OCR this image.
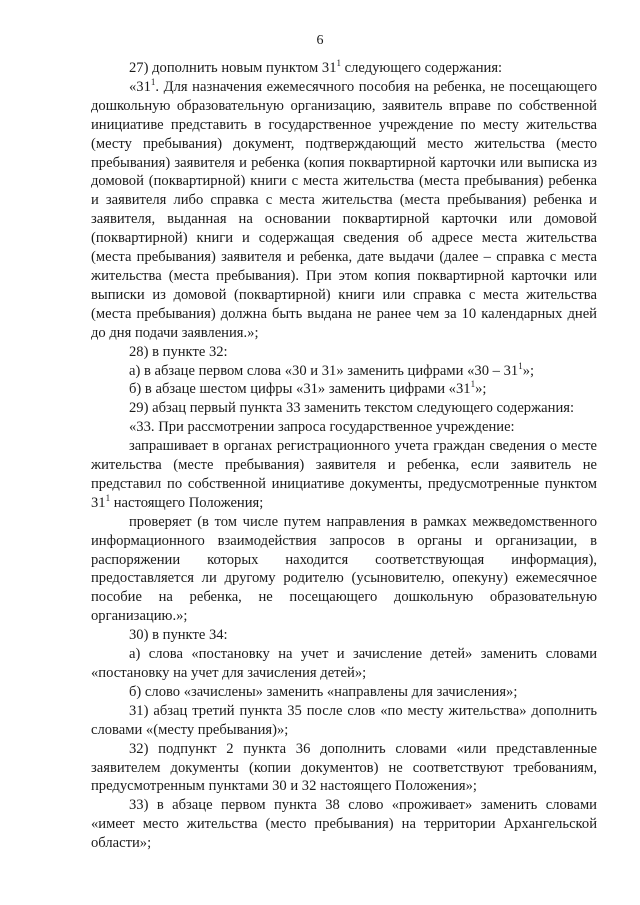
6

27) дополнить новым пунктом $31^1$ следующего содержания:

«$31^1$. Для назначения ежемесячного пособия на ребенка, не посещающего дошкольную образовательную организацию, заявитель вправе по собственной инициативе представить в государственное учреждение по месту жительства (месту пребывания) документ, подтверждающий место жительства (место пребывания) заявителя и ребенка (копия поквартирной карточки или выписка из домовой (поквартирной) книги с места жительства (места пребывания) ребенка и заявителя либо справка с места жительства (места пребывания) ребенка и заявителя, выданная на основании поквартирной карточки или домовой (поквартирной) книги и содержащая сведения об адресе места жительства (места пребывания) заявителя и ребенка, дате выдачи (далее – справка с места жительства (места пребывания). При этом копия поквартирной карточки или выписки из домовой (поквартирной) книги или справка с места жительства (места пребывания) должна быть выдана не ранее чем за 10 календарных дней до дня подачи заявления.»;

28) в пункте 32:

а) в абзаце первом слова «30 и 31» заменить цифрами «$30 - 31^1$»;

б) в абзаце шестом цифры «31» заменить цифрами «$31^1$»;

29) абзац первый пункта 33 заменить текстом следующего содержания:

«33. При рассмотрении запроса государственное учреждение:

запрашивает в органах регистрационного учета граждан сведения о месте жительства (месте пребывания) заявителя и ребенка, если заявитель не представил по собственной инициативе документы, предусмотренные пунктом $31^1$ настоящего Положения;

проверяет (в том числе путем направления в рамках межведомственного информационного взаимодействия запросов в органы и организации, в распоряжении которых находится соответствующая информация), предоставляется ли другому родителю (усыновителю, опекуну) ежемесячное пособие на ребенка, не посещающего дошкольную образовательную организацию.»;

30) в пункте 34:

а) слова «постановку на учет и зачисление детей» заменить словами «постановку на учет для зачисления детей»;

б) слово «зачислены» заменить «направлены для зачисления»;

31) абзац третий пункта 35 после слов «по месту жительства» дополнить словами «(месту пребывания)»;

32) подпункт 2 пункта 36 дополнить словами «или представленные заявителем документы (копии документов) не соответствуют требованиям, предусмотренным пунктами 30 и 32 настоящего Положения»;

33) в абзаце первом пункта 38 слово «проживает» заменить словами «имеет место жительства (место пребывания) на территории Архангельской области»;
